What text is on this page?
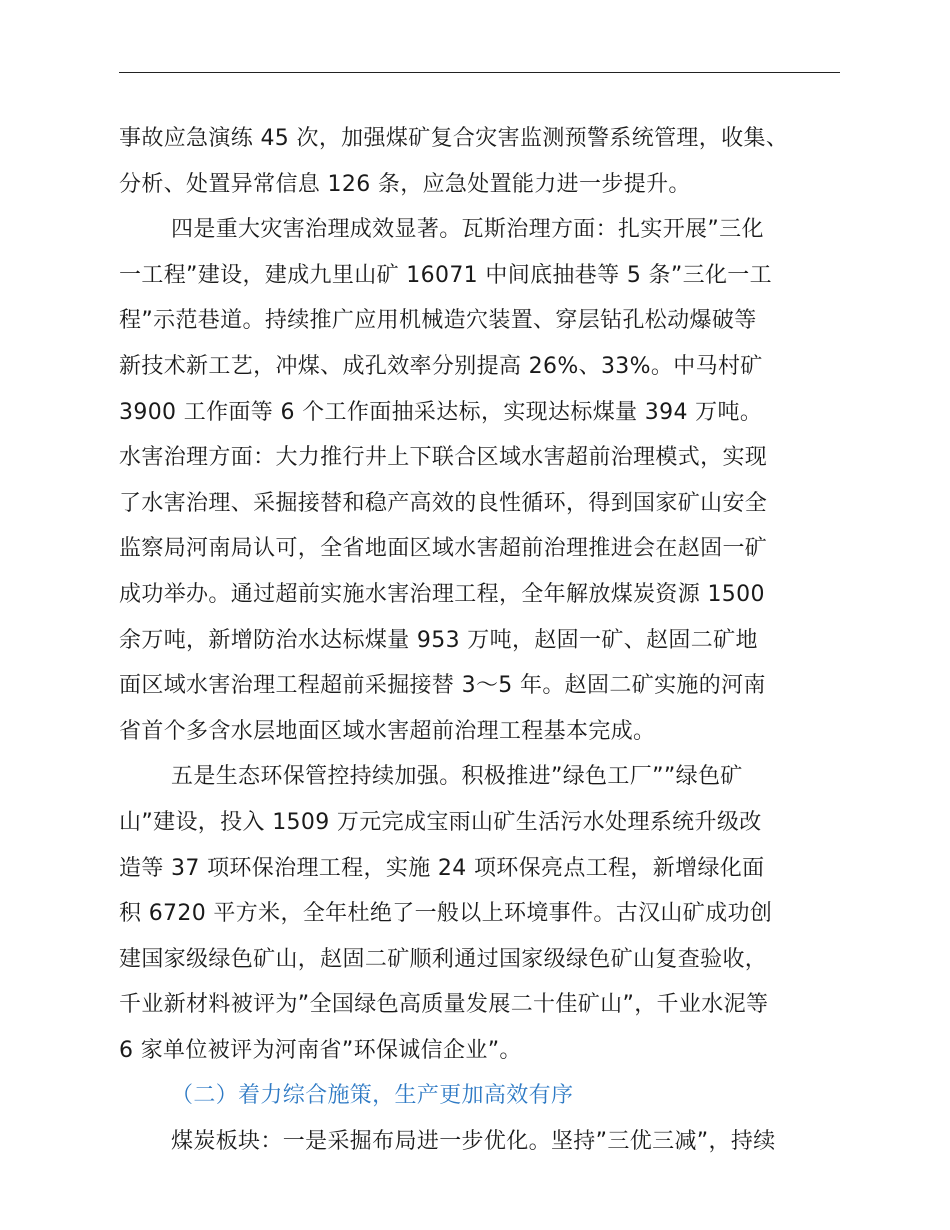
事故应急演练 45 次，加强煤矿复合灾害监测预警系统管理，收集、
分析、处置异常信息 126 条，应急处置能力进一步提升。
四是重大灾害治理成效显著。瓦斯治理方面：扎实开展”三化
一工程”建设，建成九里山矿 16071 中间底抽巷等 5 条”三化一工
程”示范巷道。持续推广应用机械造穴装置、穿层钻孔松动爆破等
新技术新工艺，冲煤、成孔效率分别提高 26%、33%。中马村矿
3900 工作面等 6 个工作面抽采达标，实现达标煤量 394 万吨。
水害治理方面：大力推行井上下联合区域水害超前治理模式，实现
了水害治理、采掘接替和稳产高效的良性循环，得到国家矿山安全
监察局河南局认可，全省地面区域水害超前治理推进会在赵固一矿
成功举办。通过超前实施水害治理工程，全年解放煤炭资源 1500
余万吨，新增防治水达标煤量 953 万吨，赵固一矿、赵固二矿地
面区域水害治理工程超前采掘接替 3～5 年。赵固二矿实施的河南
省首个多含水层地面区域水害超前治理工程基本完成。
五是生态环保管控持续加强。积极推进”绿色工厂””绿色矿
山”建设，投入 1509 万元完成宝雨山矿生活污水处理系统升级改
造等 37 项环保治理工程，实施 24 项环保亮点工程，新增绿化面
积 6720 平方米，全年杜绝了一般以上环境事件。古汉山矿成功创
建国家级绿色矿山，赵固二矿顺利通过国家级绿色矿山复查验收，
千业新材料被评为”全国绿色高质量发展二十佳矿山”，千业水泥等
6 家单位被评为河南省”环保诚信企业”。
（二）着力综合施策，生产更加高效有序
煤炭板块：一是采掘布局进一步优化。坚持”三优三减”，持续
